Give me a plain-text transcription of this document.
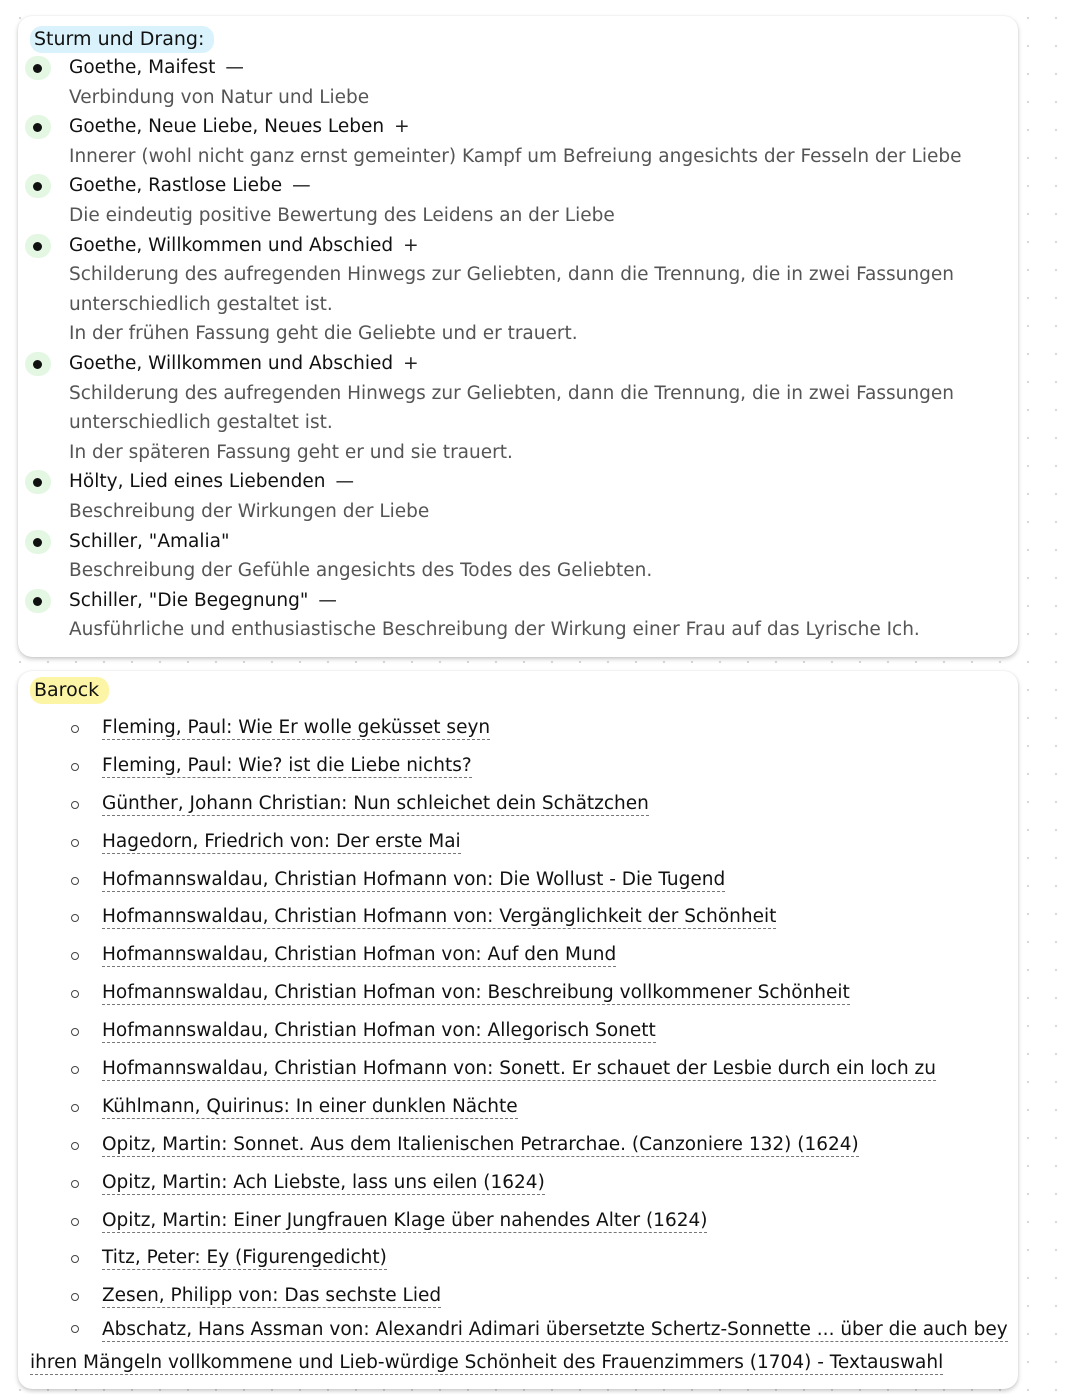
Sturm und Drang:
Goethe, Maifest —
Verbindung von Natur und Liebe
Goethe, Neue Liebe, Neues Leben +
Innerer (wohl nicht ganz ernst gemeinter) Kampf um Befreiung angesichts der Fesseln der Liebe
Goethe, Rastlose Liebe —
Die eindeutig positive Bewertung des Leidens an der Liebe
Goethe, Willkommen und Abschied +
Schilderung des aufregenden Hinwegs zur Geliebten, dann die Trennung, die in zwei Fassungen
unterschiedlich gestaltet ist.
In der frühen Fassung geht die Geliebte und er trauert.
Goethe, Willkommen und Abschied +
Schilderung des aufregenden Hinwegs zur Geliebten, dann die Trennung, die in zwei Fassungen
unterschiedlich gestaltet ist.
In der späteren Fassung geht er und sie trauert.
Hölty, Lied eines Liebenden —
Beschreibung der Wirkungen der Liebe
Schiller, "Amalia"
Beschreibung der Gefühle angesichts des Todes des Geliebten.
Schiller, "Die Begegnung" —
Ausführliche und enthusiastische Beschreibung der Wirkung einer Frau auf das Lyrische Ich.
Barock
Fleming, Paul: Wie Er wolle geküsset seyn
Fleming, Paul: Wie? ist die Liebe nichts?
Günther, Johann Christian: Nun schleichet dein Schätzchen
Hagedorn, Friedrich von: Der erste Mai
Hofmannswaldau, Christian Hofmann von: Die Wollust - Die Tugend
Hofmannswaldau, Christian Hofmann von: Vergänglichkeit der Schönheit
Hofmannswaldau, Christian Hofman von: Auf den Mund
Hofmannswaldau, Christian Hofman von: Beschreibung vollkommener Schönheit
Hofmannswaldau, Christian Hofman von: Allegorisch Sonett
Hofmannswaldau, Christian Hofmann von: Sonett. Er schauet der Lesbie durch ein loch zu
Kühlmann, Quirinus: In einer dunklen Nächte
Opitz, Martin: Sonnet. Aus dem Italienischen Petrarchae. (Canzoniere 132) (1624)
Opitz, Martin: Ach Liebste, lass uns eilen (1624)
Opitz, Martin: Einer Jungfrauen Klage über nahendes Alter (1624)
Titz, Peter: Ey (Figurengedicht)
Zesen, Philipp von: Das sechste Lied
Abschatz, Hans Assman von: Alexandri Adimari übersetzte Schertz-Sonnette ... über die auch bey
ihren Mängeln vollkommene und Lieb-würdige Schönheit des Frauenzimmers (1704) - Textauswahl
